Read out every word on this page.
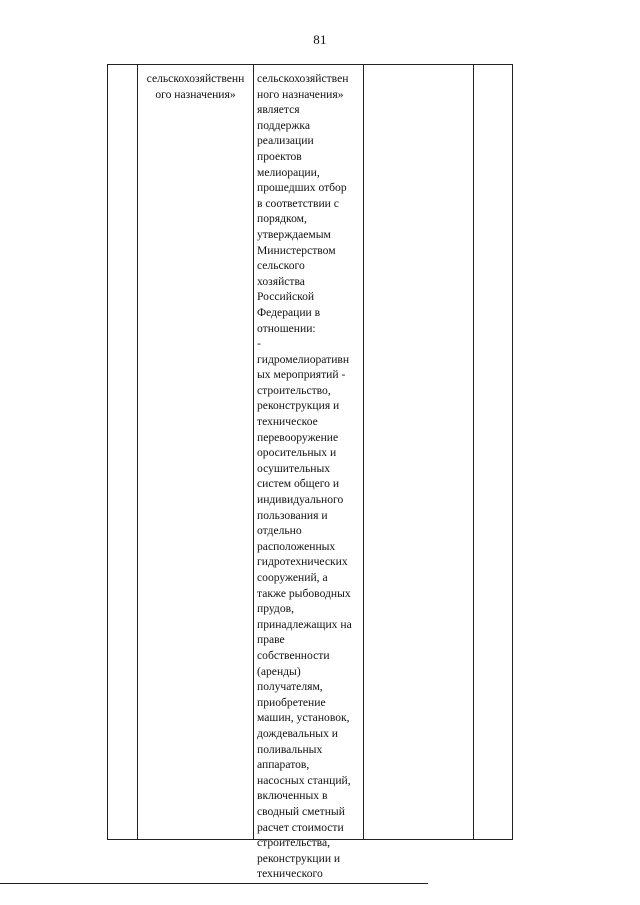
81
сельскохозяйственн
ого назначения»
сельскохозяйствен
ного назначения»
является
поддержка
реализации
проектов
мелиорации,
прошедших отбор
в соответствии с
порядком,
утверждаемым
Министерством
сельского
хозяйства
Российской
Федерации в
отношении:
-
гидромелиоративн
ых мероприятий -
строительство,
реконструкция и
техническое
перевооружение
оросительных и
осушительных
систем общего и
индивидуального
пользования и
отдельно
расположенных
гидротехнических
сооружений, а
также рыбоводных
прудов,
принадлежащих на
праве
собственности
(аренды)
получателям,
приобретение
машин, установок,
дождевальных и
поливальных
аппаратов,
насосных станций,
включенных в
сводный сметный
расчет стоимости
строительства,
реконструкции и
технического
